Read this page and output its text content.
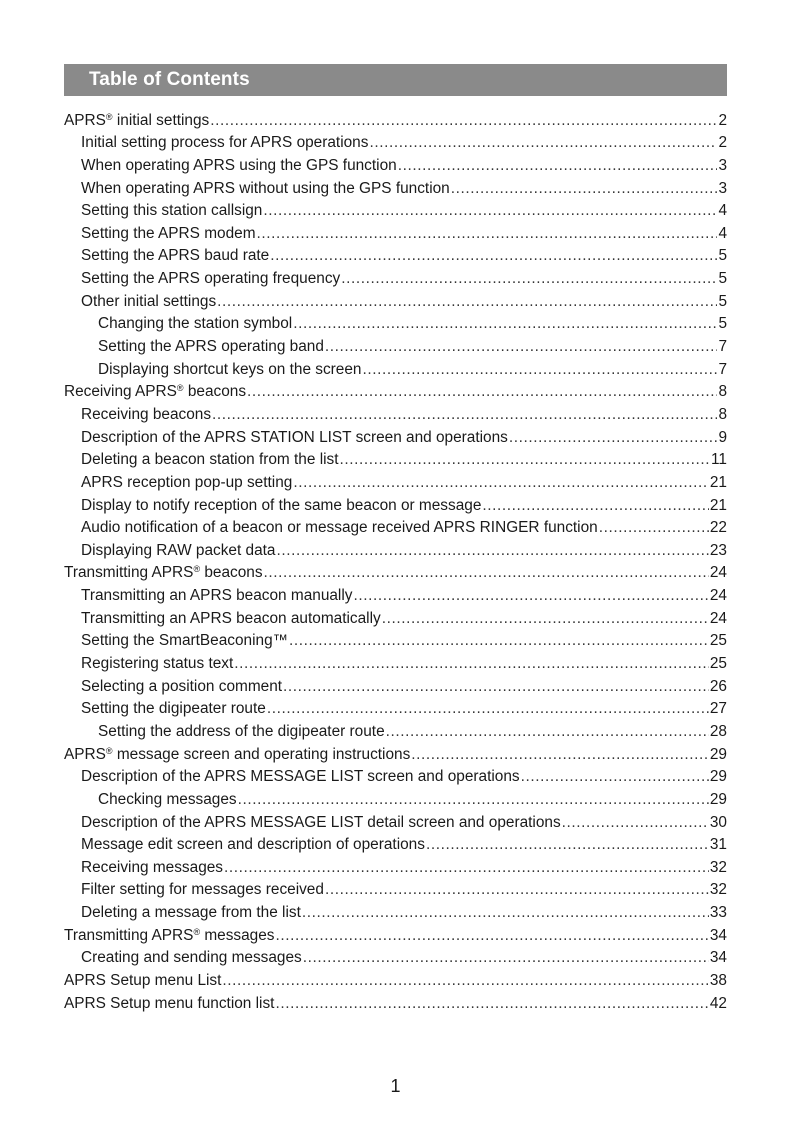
Table of Contents
APRS® initial settings .....	2
Initial setting process for APRS operations .....	2
When operating APRS using the GPS function .....	3
When operating APRS without using the GPS function .....	3
Setting this station callsign .....	4
Setting the APRS modem .....	4
Setting the APRS baud rate .....	5
Setting the APRS operating frequency .....	5
Other initial settings .....	5
Changing the station symbol .....	5
Setting the APRS operating band .....	7
Displaying shortcut keys on the screen .....	7
Receiving APRS® beacons .....	8
Receiving beacons .....	8
Description of the APRS STATION LIST screen and operations .....	9
Deleting a beacon station from the list .....	11
APRS reception pop-up setting .....	21
Display to notify reception of the same beacon or message .....	21
Audio notification of a beacon or message received APRS RINGER function .....	22
Displaying RAW packet data .....	23
Transmitting APRS® beacons .....	24
Transmitting an APRS beacon manually .....	24
Transmitting an APRS beacon automatically .....	24
Setting the SmartBeaconing™ .....	25
Registering status text .....	25
Selecting a position comment .....	26
Setting the digipeater route .....	27
Setting the address of the digipeater route .....	28
APRS® message screen and operating instructions .....	29
Description of the APRS MESSAGE LIST screen and operations .....	29
Checking messages .....	29
Description of the APRS MESSAGE LIST detail screen and operations .....	30
Message edit screen and description of operations .....	31
Receiving messages .....	32
Filter setting for messages received .....	32
Deleting a message from the list .....	33
Transmitting APRS® messages .....	34
Creating and sending messages .....	34
APRS Setup menu List .....	38
APRS Setup menu function list .....	42
1
